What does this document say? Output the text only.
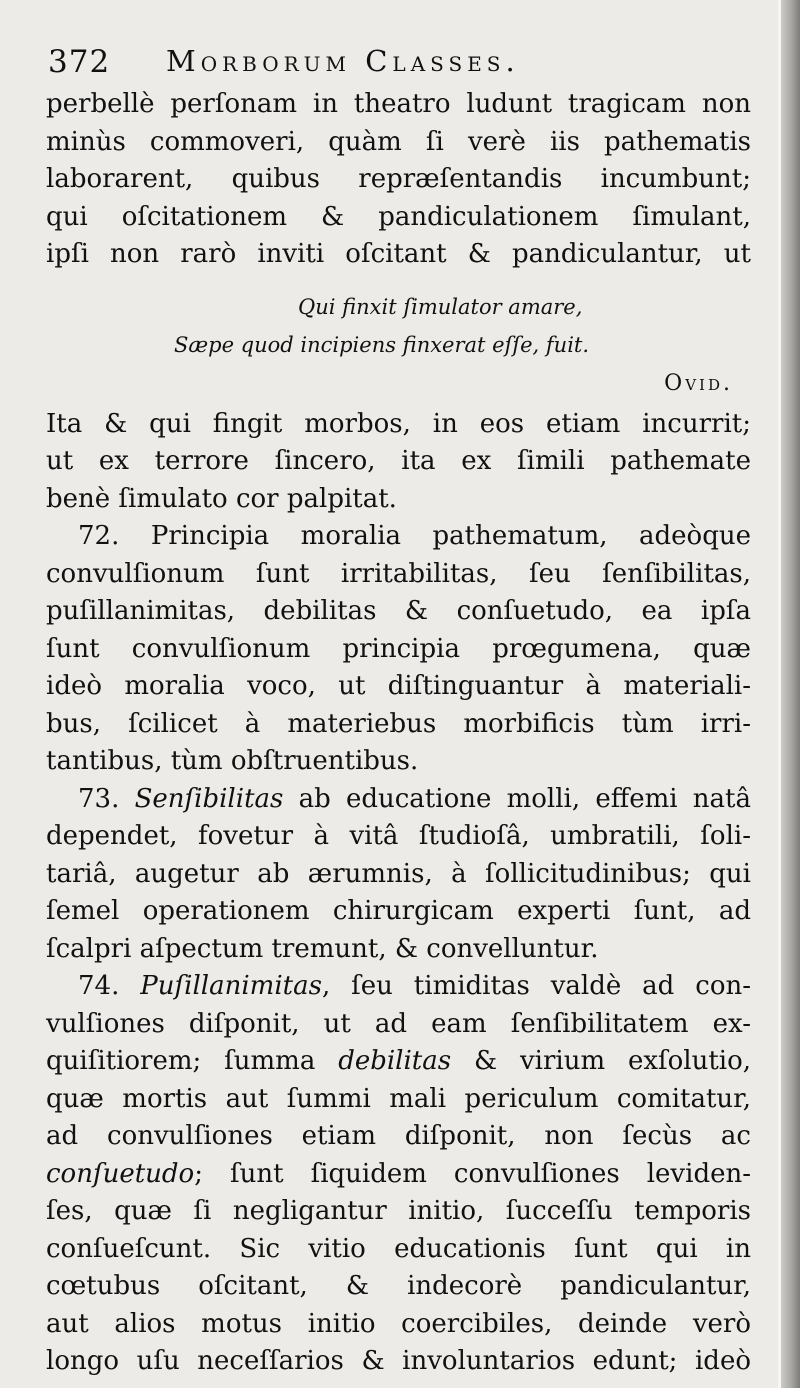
372 Morborum Classes.
perbellè perſonam in theatro ludunt tragicam non
minùs commoveri, quàm ſi verè iis pathematis
laborarent, quibus repræſentandis incumbunt;
qui oſcitationem & pandiculationem ſimulant,
ipſi non rarò inviti oſcitant & pandiculantur, ut
Qui finxit ſimulator amare,
Sæpe quod incipiens finxerat eſſe, fuit.
Ovid.
Ita & qui fingit morbos, in eos etiam incurrit;
ut ex terrore ſincero, ita ex ſimili pathemate
benè ſimulato cor palpitat.
72. Principia moralia pathematum, adeòque
convulſionum ſunt irritabilitas, ſeu ſenſibilitas,
puſillanimitas, debilitas & conſuetudo, ea ipſa
ſunt convulſionum principia prœgumena, quæ
ideò moralia voco, ut diſtinguantur à materiali-
bus, ſcilicet à materiebus morbificis tùm irri-
tantibus, tùm obſtruentibus.
73. Senſibilitas ab educatione molli, effemi natâ
dependet, fovetur à vitâ ſtudioſâ, umbratili, ſoli-
tariâ, augetur ab ærumnis, à ſollicitudinibus; qui
ſemel operationem chirurgicam experti ſunt, ad
ſcalpri aſpectum tremunt, & convelluntur.
74. Puſillanimitas, ſeu timiditas valdè ad con-
vulſiones diſponit, ut ad eam ſenſibilitatem ex-
quiſitiorem; ſumma debilitas & virium exſolutio,
quæ mortis aut ſummi mali periculum comitatur,
ad convulſiones etiam diſponit, non ſecùs ac
conſuetudo; ſunt ſiquidem convulſiones leviden-
ſes, quæ ſi negligantur initio, ſucceſſu temporis
conſueſcunt. Sic vitio educationis ſunt qui in
cœtubus oſcitant, & indecorè pandiculantur,
aut alios motus initio coercibiles, deinde verò
longo uſu neceſſarios & involuntarios edunt; ideò
